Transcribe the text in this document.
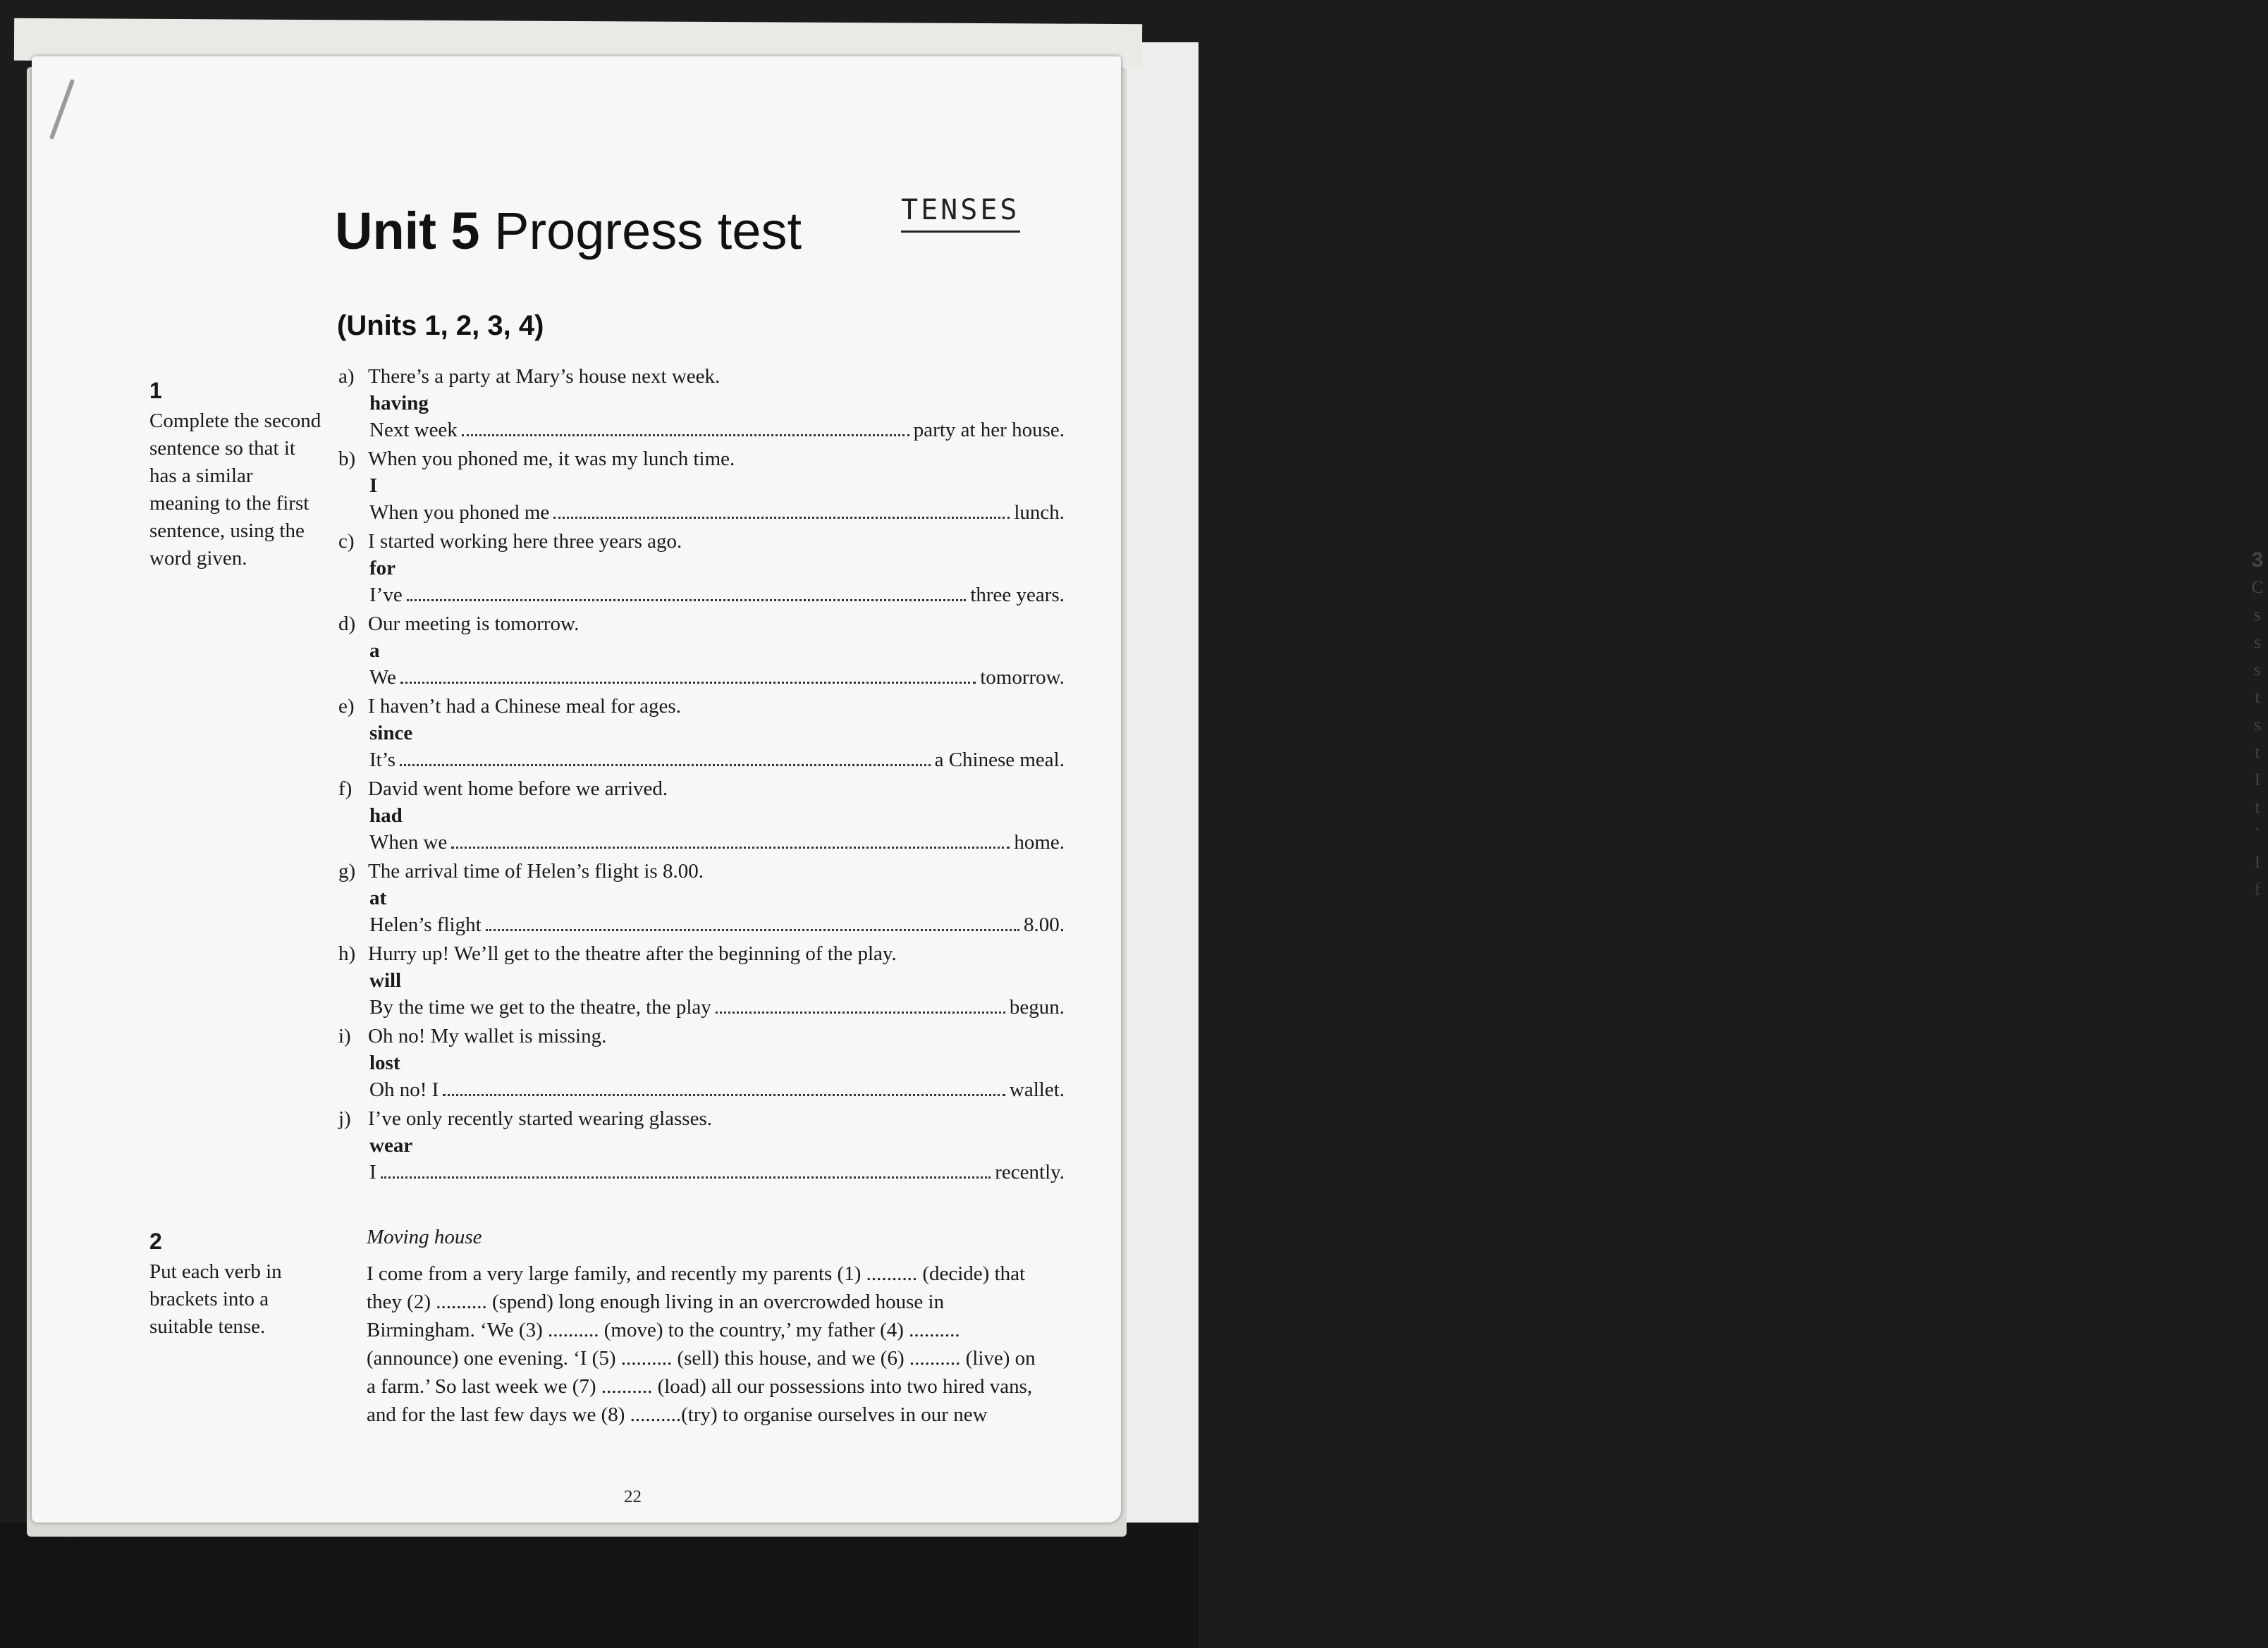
3
C
s
s
s
t
s
t
I
t
`
I
f
Unit 5 Progress test	TENSES
(Units 1, 2, 3, 4)
1
Complete the second sentence so that it has a similar meaning to the first sentence, using the word given.
a) There’s a party at Mary’s house next week.
having
Next week	party at her house.
b) When you phoned me, it was my lunch time.
I
When you phoned me	lunch.
c) I started working here three years ago.
for
I’ve	three years.
d) Our meeting is tomorrow.
a
We	tomorrow.
e) I haven’t had a Chinese meal for ages.
since
It’s	a Chinese meal.
f) David went home before we arrived.
had
When we	home.
g) The arrival time of Helen’s flight is 8.00.
at
Helen’s flight	8.00.
h) Hurry up! We’ll get to the theatre after the beginning of the play.
will
By the time we get to the theatre, the play	begun.
i) Oh no! My wallet is missing.
lost
Oh no! I	wallet.
j) I’ve only recently started wearing glasses.
wear
I	recently.
2
Put each verb in brackets into a suitable tense.
Moving house
I come from a very large family, and recently my parents (1) .......... (decide) that
they (2) .......... (spend) long enough living in an overcrowded house in
Birmingham. ‘We (3) .......... (move) to the country,’ my father (4) ..........
(announce) one evening. ‘I (5) .......... (sell) this house, and we (6) .......... (live) on
a farm.’ So last week we (7) .......... (load) all our possessions into two hired vans,
and for the last few days we (8) ..........(try) to organise ourselves in our new
22
